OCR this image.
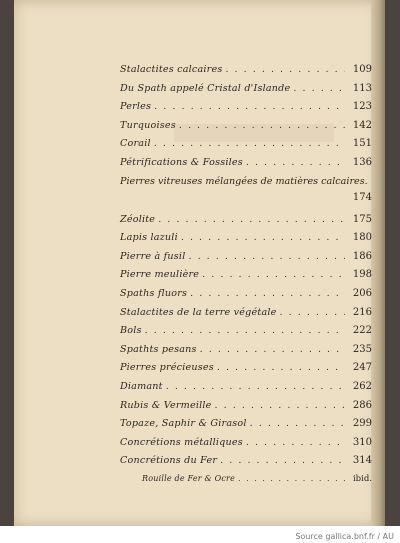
Stalactites calcaires . . .	109
Du Spath appelé Cristal d'Islande . . .	113
Perles . . .	123
Turquoises . . .	142
Corail . . .	151
Pétrifications & Fossiles . . .	136
Pierres vitreuses mélangées de matières calcaires.
174
Zéolite . . .	175
Lapis lazuli . . .	180
Pierre à fusil . . .	186
Pierre meulière . . .	198
Spaths fluors . . .	206
Stalactites de la terre végétale . . .	216
Bols . . .	222
Spathts pesans . . .	235
Pierres précieuses . . .	247
Diamant . . .	262
Rubis & Vermeille . . .	286
Topaze, Saphir & Girasol . . .	299
Concrétions métalliques . . .	310
Concrétions du Fer . . .	314
Rouille de Fer & Ocre . . .	ibid.
Source gallica.bnf.fr / AU
